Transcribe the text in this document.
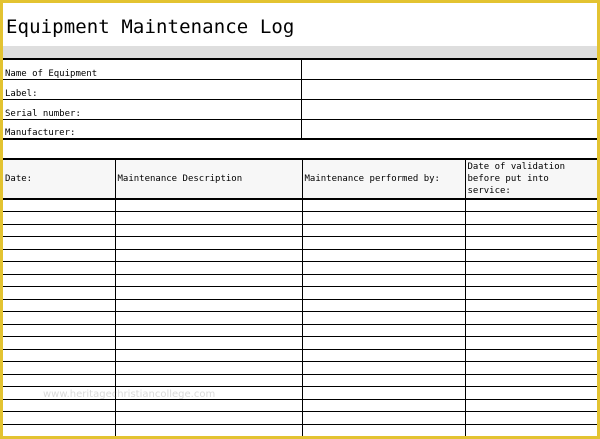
Equipment Maintenance Log
Name of Equipment	
Label:	
Serial number:	
Manufacturer:	
Date:	Maintenance Description	Maintenance performed by:	Date of validation before put into service:

www.heritagechristiancollege.com
